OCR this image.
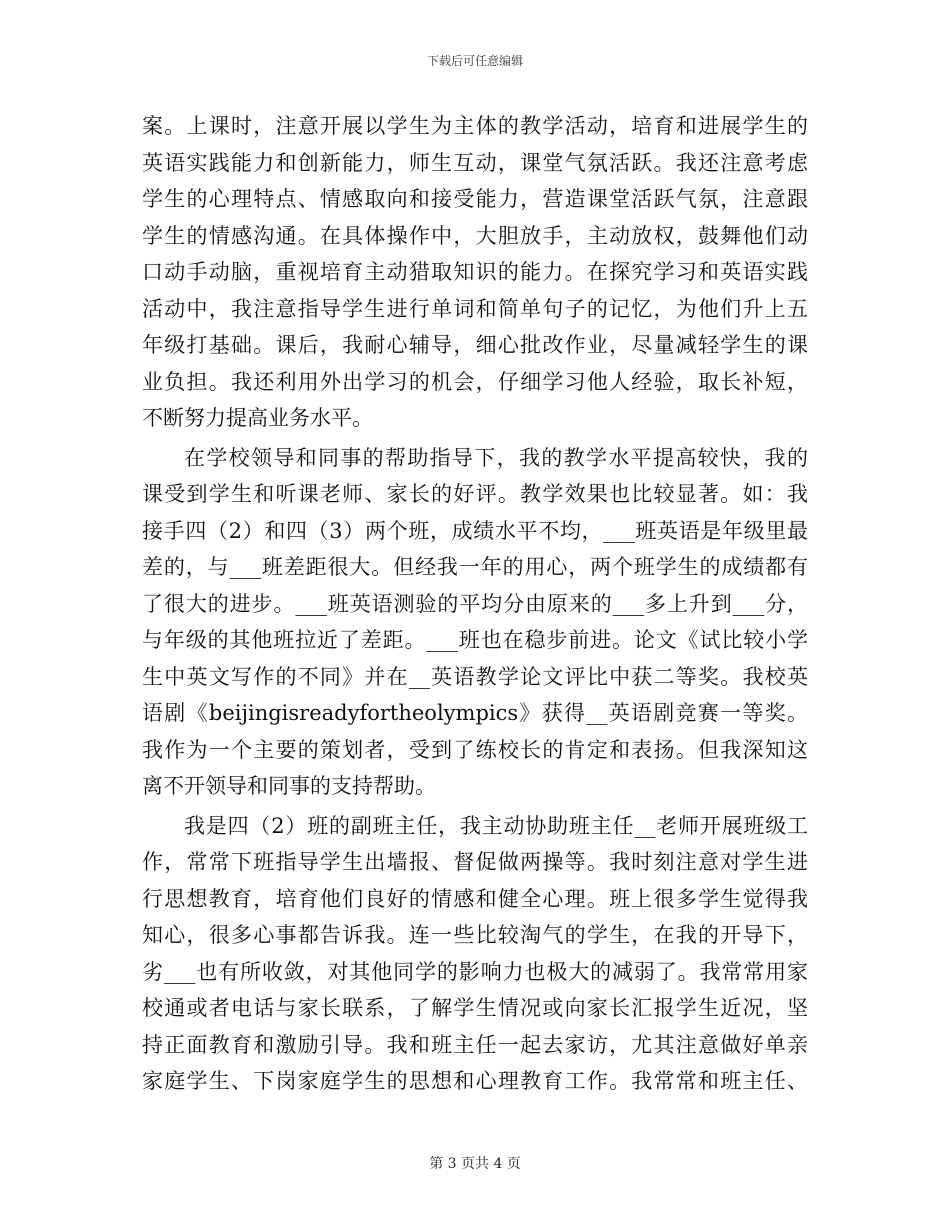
下载后可任意编辑
案。上课时，注意开展以学生为主体的教学活动，培育和进展学生的
英语实践能力和创新能力，师生互动，课堂气氛活跃。我还注意考虑
学生的心理特点、情感取向和接受能力，营造课堂活跃气氛，注意跟
学生的情感沟通。在具体操作中，大胆放手，主动放权，鼓舞他们动
口动手动脑，重视培育主动猎取知识的能力。在探究学习和英语实践
活动中，我注意指导学生进行单词和简单句子的记忆，为他们升上五
年级打基础。课后，我耐心辅导，细心批改作业，尽量减轻学生的课
业负担。我还利用外出学习的机会，仔细学习他人经验，取长补短，
不断努力提高业务水平。
在学校领导和同事的帮助指导下，我的教学水平提高较快，我的
课受到学生和听课老师、家长的好评。教学效果也比较显著。如：我
接手四（2）和四（3）两个班，成绩水平不均，___班英语是年级里最
差的，与___班差距很大。但经我一年的用心，两个班学生的成绩都有
了很大的进步。___班英语测验的平均分由原来的___多上升到___分，
与年级的其他班拉近了差距。___班也在稳步前进。论文《试比较小学
生中英文写作的不同》并在__英语教学论文评比中获二等奖。我校英
语剧《beijingisreadyfortheolympics》获得__英语剧竞赛一等奖。
我作为一个主要的策划者，受到了练校长的肯定和表扬。但我深知这
离不开领导和同事的支持帮助。
我是四（2）班的副班主任，我主动协助班主任__老师开展班级工
作，常常下班指导学生出墙报、督促做两操等。我时刻注意对学生进
行思想教育，培育他们良好的情感和健全心理。班上很多学生觉得我
知心，很多心事都告诉我。连一些比较淘气的学生，在我的开导下，
劣___也有所收敛，对其他同学的影响力也极大的减弱了。我常常用家
校通或者电话与家长联系，了解学生情况或向家长汇报学生近况，坚
持正面教育和激励引导。我和班主任一起去家访，尤其注意做好单亲
家庭学生、下岗家庭学生的思想和心理教育工作。我常常和班主任、
第 3 页共 4 页
